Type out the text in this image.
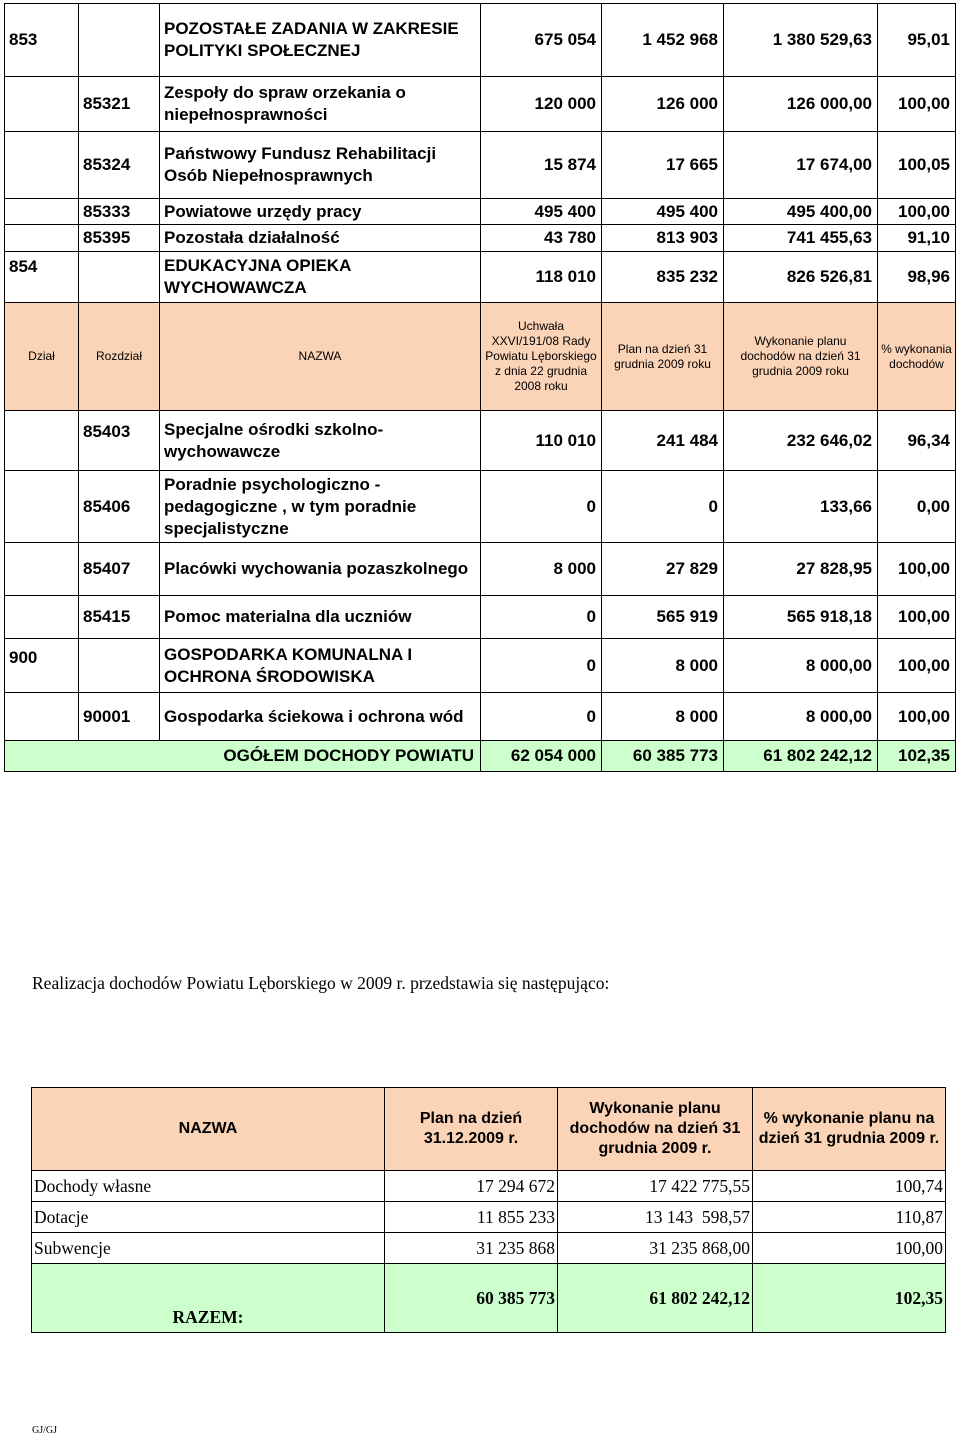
853		POZOSTAŁE ZADANIA W ZAKRESIE POLITYKI SPOŁECZNEJ	675 054	1 452 968	1 380 529,63	95,01
	85321	Zespoły do spraw orzekania o niepełnosprawności	120 000	126 000	126 000,00	100,00
	85324	Państwowy Fundusz Rehabilitacji Osób Niepełnosprawnych	15 874	17 665	17 674,00	100,05
	85333	Powiatowe urzędy pracy	495 400	495 400	495 400,00	100,00
	85395	Pozostała działalność	43 780	813 903	741 455,63	91,10
854		EDUKACYJNA OPIEKA WYCHOWAWCZA	118 010	835 232	826 526,81	98,96
Dział	Rozdział	NAZWA	Uchwała XXVI/191/08 Rady Powiatu Lęborskiego z dnia 22 grudnia 2008 roku	Plan na dzień 31 grudnia 2009 roku	Wykonanie planu dochodów na dzień 31 grudnia 2009 roku	% wykonania dochodów
	85403	Specjalne ośrodki szkolno-wychowawcze	110 010	241 484	232 646,02	96,34
	85406	Poradnie psychologiczno - pedagogiczne , w tym poradnie specjalistyczne	0	0	133,66	0,00
	85407	Placówki wychowania pozaszkolnego	8 000	27 829	27 828,95	100,00
	85415	Pomoc materialna dla uczniów	0	565 919	565 918,18	100,00
900		GOSPODARKA KOMUNALNA I OCHRONA ŚRODOWISKA	0	8 000	8 000,00	100,00
	90001	Gospodarka ściekowa i ochrona wód	0	8 000	8 000,00	100,00
OGÓŁEM DOCHODY POWIATU			62 054 000	60 385 773	61 802 242,12	102,35
Realizacja dochodów Powiatu Lęborskiego w 2009 r. przedstawia się następująco:
NAZWA	Plan na dzień 31.12.2009 r.	Wykonanie planu dochodów na dzień 31 grudnia 2009 r.	% wykonanie planu na dzień 31 grudnia 2009 r.
Dochody własne	17 294 672	17 422 775,55	100,74
Dotacje	11 855 233	13 143  598,57	110,87
Subwencje	31 235 868	31 235 868,00	100,00
RAZEM:	60 385 773	61 802 242,12	102,35
GJ/GJ
